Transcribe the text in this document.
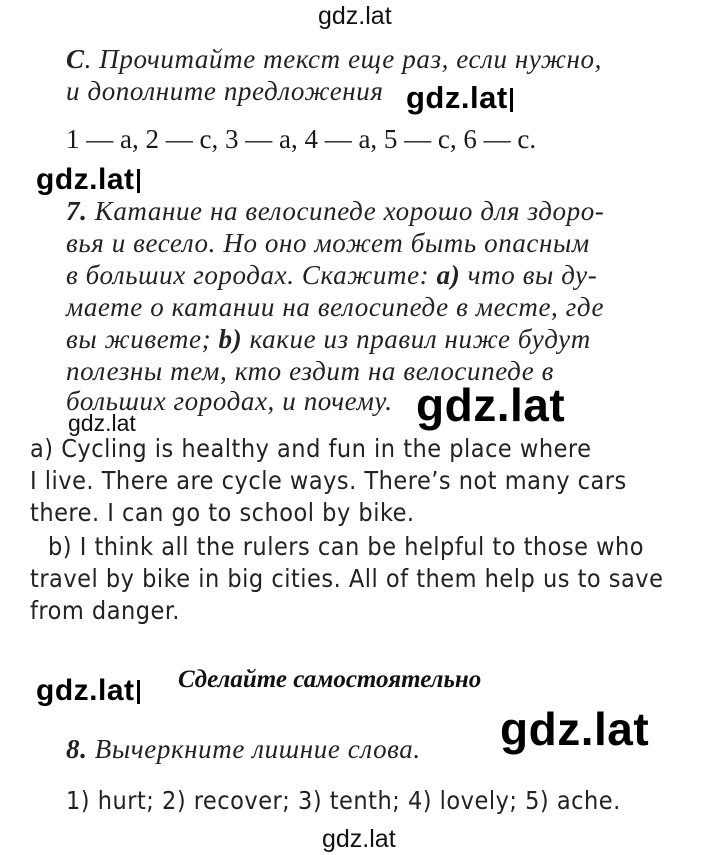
gdz.lat
C. Прочитайте текст еще раз, если нужно,
и дополните предложения gdz.lat
1 — a, 2 — c, 3 — a, 4 — a, 5 — c, 6 — c.
gdz.lat
7. Катание на велосипеде хорошо для здоро-
вья и весело. Но оно может быть опасным
в больших городах. Скажите: a) что вы ду-
маете о катании на велосипеде в месте, где
вы живете; b) какие из правил ниже будут
полезны тем, кто ездит на велосипеде в
больших городах, и почему. gdz.lat
gdz.lat
a) Cycling is healthy and fun in the place where
I live. There are cycle ways. There’s not many cars
there. I can go to school by bike.
b) I think all the rulers can be helpful to those who
travel by bike in big cities. All of them help us to save
from danger.
gdz.lat Сделайте самостоятельно
gdz.lat
8. Вычеркните лишние слова.
1) hurt; 2) recover; 3) tenth; 4) lovely; 5) ache.
gdz.lat
